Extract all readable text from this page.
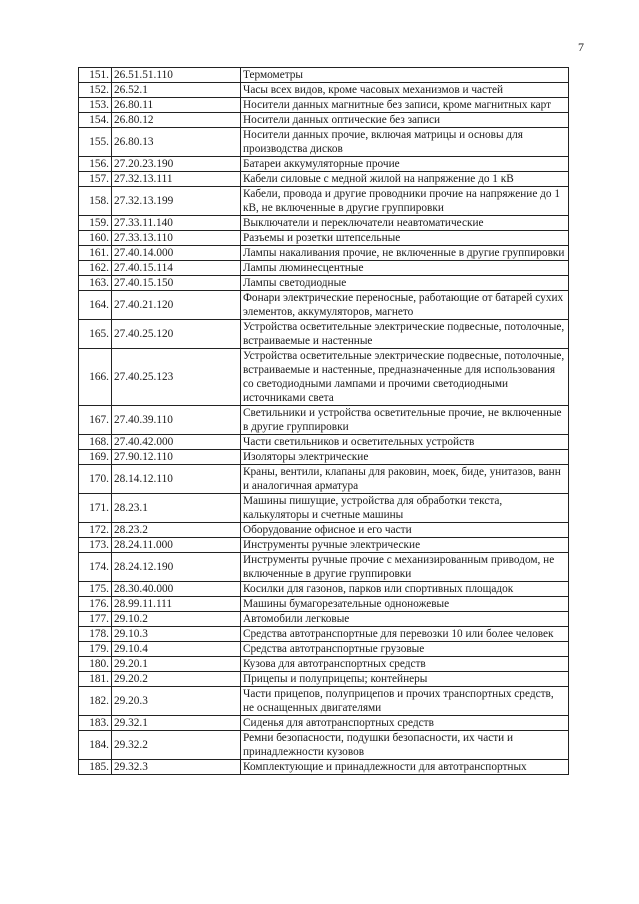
7
151.	26.51.51.110	Термометры
152.	26.52.1	Часы всех видов, кроме часовых механизмов и частей
153.	26.80.11	Носители данных магнитные без записи, кроме магнитных карт
154.	26.80.12	Носители данных оптические без записи
155.	26.80.13	Носители данных прочие, включая матрицы и основы для производства дисков
156.	27.20.23.190	Батареи аккумуляторные прочие
157.	27.32.13.111	Кабели силовые с медной жилой на напряжение до 1 кВ
158.	27.32.13.199	Кабели, провода и другие проводники прочие на напряжение до 1 кВ, не включенные в другие группировки
159.	27.33.11.140	Выключатели и переключатели неавтоматические
160.	27.33.13.110	Разъемы и розетки штепсельные
161.	27.40.14.000	Лампы накаливания прочие, не включенные в другие группировки
162.	27.40.15.114	Лампы люминесцентные
163.	27.40.15.150	Лампы светодиодные
164.	27.40.21.120	Фонари электрические переносные, работающие от батарей сухих элементов, аккумуляторов, магнето
165.	27.40.25.120	Устройства осветительные электрические подвесные, потолочные, встраиваемые и настенные
166.	27.40.25.123	Устройства осветительные электрические подвесные, потолочные, встраиваемые и настенные, предназначенные для использования со светодиодными лампами и прочими светодиодными источниками света
167.	27.40.39.110	Светильники и устройства осветительные прочие, не включенные в другие группировки
168.	27.40.42.000	Части светильников и осветительных устройств
169.	27.90.12.110	Изоляторы электрические
170.	28.14.12.110	Краны, вентили, клапаны для раковин, моек, биде, унитазов, ванн и аналогичная арматура
171.	28.23.1	Машины пишущие, устройства для обработки текста, калькуляторы и счетные машины
172.	28.23.2	Оборудование офисное и его части
173.	28.24.11.000	Инструменты ручные электрические
174.	28.24.12.190	Инструменты ручные прочие с механизированным приводом, не включенные в другие группировки
175.	28.30.40.000	Косилки для газонов, парков или спортивных площадок
176.	28.99.11.111	Машины бумагорезательные одноножевые
177.	29.10.2	Автомобили легковые
178.	29.10.3	Средства автотранспортные для перевозки 10 или более человек
179.	29.10.4	Средства автотранспортные грузовые
180.	29.20.1	Кузова для автотранспортных средств
181.	29.20.2	Прицепы и полуприцепы; контейнеры
182.	29.20.3	Части прицепов, полуприцепов и прочих транспортных средств, не оснащенных двигателями
183.	29.32.1	Сиденья для автотранспортных средств
184.	29.32.2	Ремни безопасности, подушки безопасности, их части и принадлежности кузовов
185.	29.32.3	Комплектующие и принадлежности для автотранспортных
